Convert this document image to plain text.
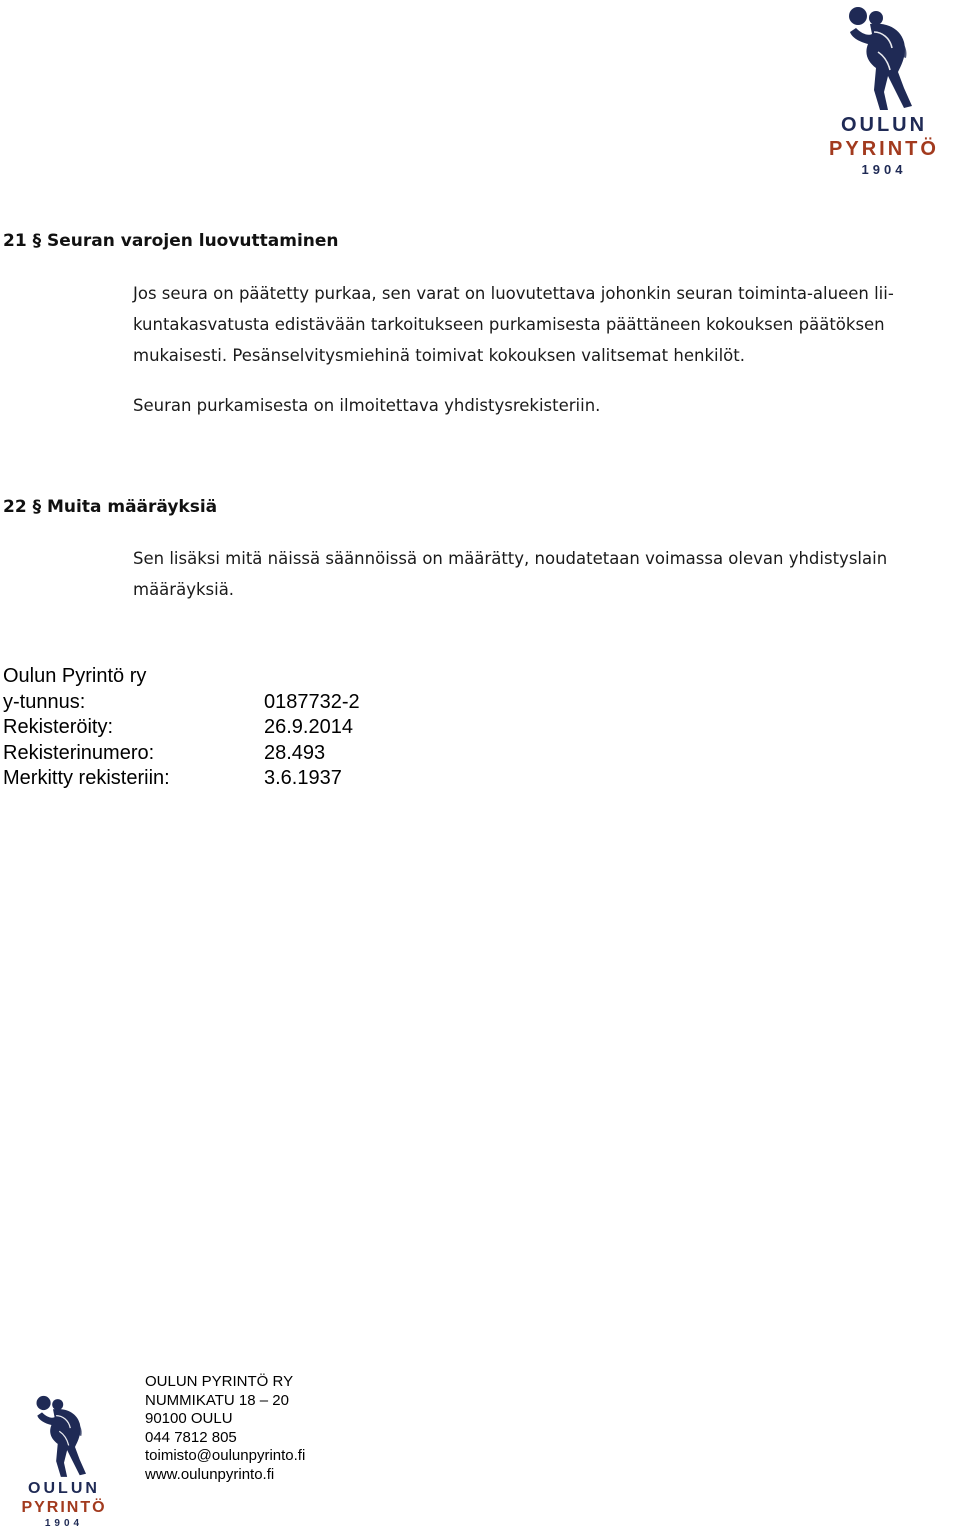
OULUN
PYRINTÖ
1904
21 § Seuran varojen luovuttaminen

Jos seura on päätetty purkaa, sen varat on luovutettava johonkin seuran toiminta-alueen lii-
kuntakasvatusta edistävään tarkoitukseen purkamisesta päättäneen kokouksen päätöksen
mukaisesti. Pesänselvitysmiehinä toimivat kokouksen valitsemat henkilöt.

Seuran purkamisesta on ilmoitettava yhdistysrekisteriin.

22 § Muita määräyksiä

Sen lisäksi mitä näissä säännöissä on määrätty, noudatetaan voimassa olevan yhdistyslain
määräyksiä.

Oulun Pyrintö ry
y-tunnus:	0187732-2
Rekisteröity:	26.9.2014
Rekisterinumero:	28.493
Merkitty rekisteriin:	3.6.1937
OULUN
PYRINTÖ
1904
OULUN PYRINTÖ RY
NUMMIKATU 18 – 20
90100 OULU
044 7812 805
toimisto@oulunpyrinto.fi
www.oulunpyrinto.fi
